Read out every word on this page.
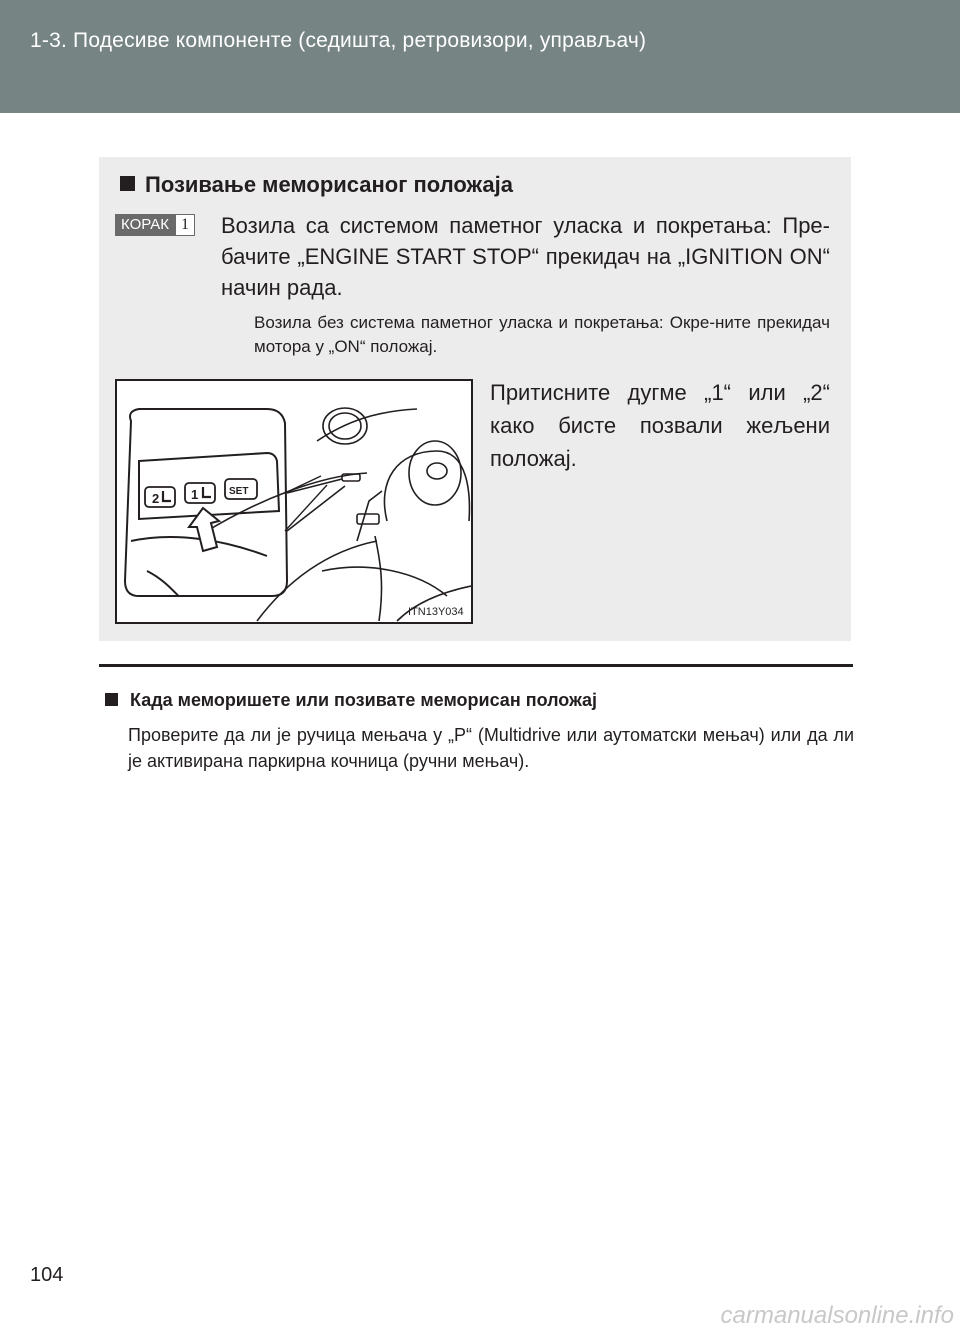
1-3. Подесиве компоненте (седишта, ретровизори, управљач)
Позивање меморисаног положаја
КОРАК 1 Возила са системом паметног уласка и покретања: Пре-бачите „ENGINE START STOP“ прекидач на „IGNITION ON“ начин рада.
Возила без система паметног уласка и покретања: Окре-ните прекидач мотора у „ON“ положај.
Притисните дугме „1“ или „2“ како бисте позвали жељени положај.
2 1	SET
ITN13Y034
Када меморишете или позивате меморисан положај
Проверите да ли је ручица мењача у „P“ (Multidrive или аутоматски мењач) или да ли је активирана паркирна кочница (ручни мењач).
104
carmanualsonline.info
